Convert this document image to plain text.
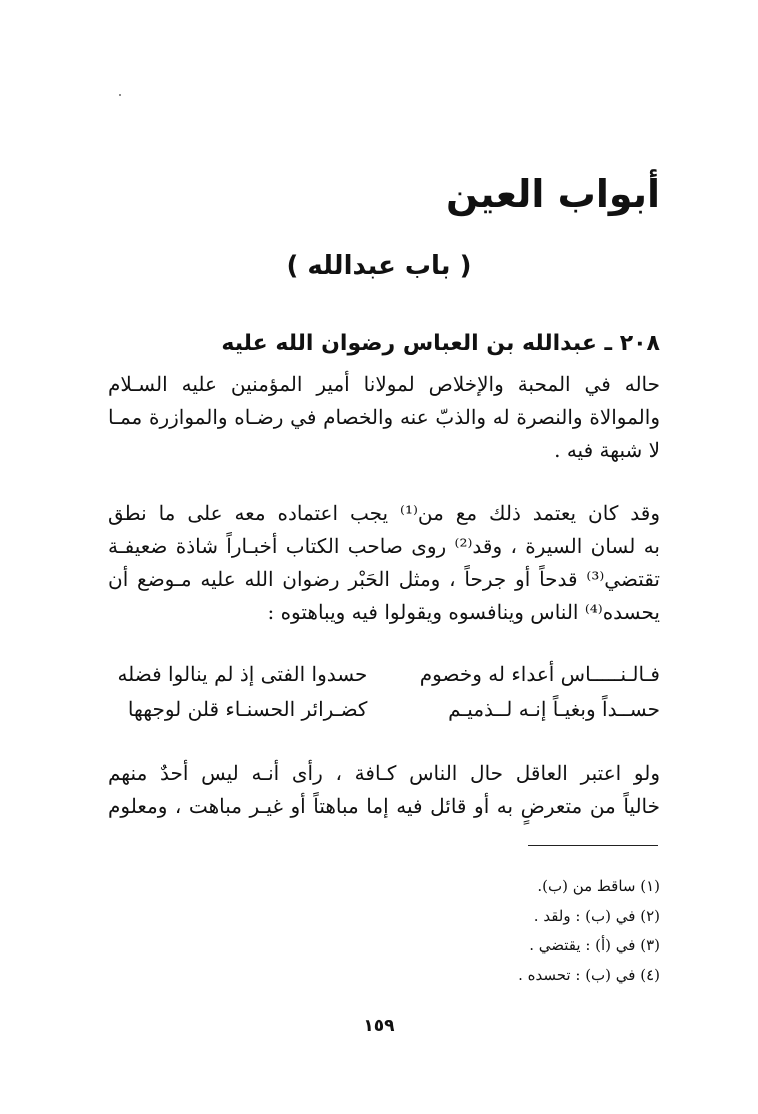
أبواب العين
( باب عبدالله )
٢٠٨ ـ عبدالله بن العباس رضوان الله عليه
حاله في المحبة والإخلاص لمولانا أمير المؤمنين عليه السـلام
والموالاة والنصرة له والذبّ عنه والخصام في رضـاه والموازرة ممـا
لا شبهة فيه .
وقد كان يعتمد ذلك مع من⁽¹⁾ يجب اعتماده معه على ما نطق
به لسان السيرة ، وقد⁽²⁾ روى صاحب الكتاب أخبـاراً شاذة ضعيفـة
تقتضي⁽³⁾ قدحاً أو جرحاً ، ومثل الحَبْر رضوان الله عليه مـوضع أن
يحسده⁽⁴⁾ الناس وينافسوه ويقولوا فيه ويباهتوه :
حسدوا الفتى إذ لم ينالوا فضله	فـالـنـــــاس أعداء له وخصوم
كضـرائر الحسنـاء قلن لوجهها	حســداً وبغيـاً إنـه لــذميـم
ولو اعتبر العاقل حال الناس كـافة ، رأى أنـه ليس أحدٌ منهم
خالياً من متعرضٍ به أو قائل فيه إما مباهتاً أو غيـر مباهت ، ومعلوم
(١) ساقط من (ب).
(٢) في (ب) : ولقد .
(٣) في (أ) : يقتضي .
(٤) في (ب) : تحسده .
١٥٩
